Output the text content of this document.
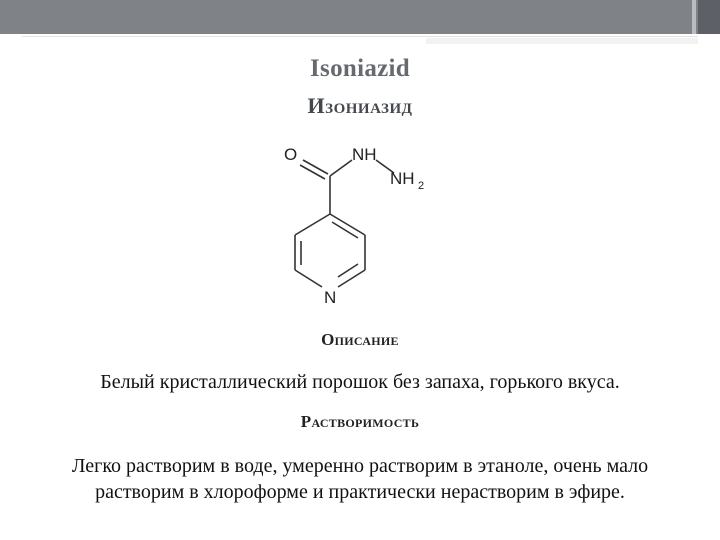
Isoniazid
Изониазид
O	NH
NH 2
N
Описание
Белый кристаллический порошок без запаха, горького вкуса.
Растворимость
Легко растворим в воде, умеренно растворим в этаноле, очень мало
растворим в хлороформе и практически нерастворим в эфире.
